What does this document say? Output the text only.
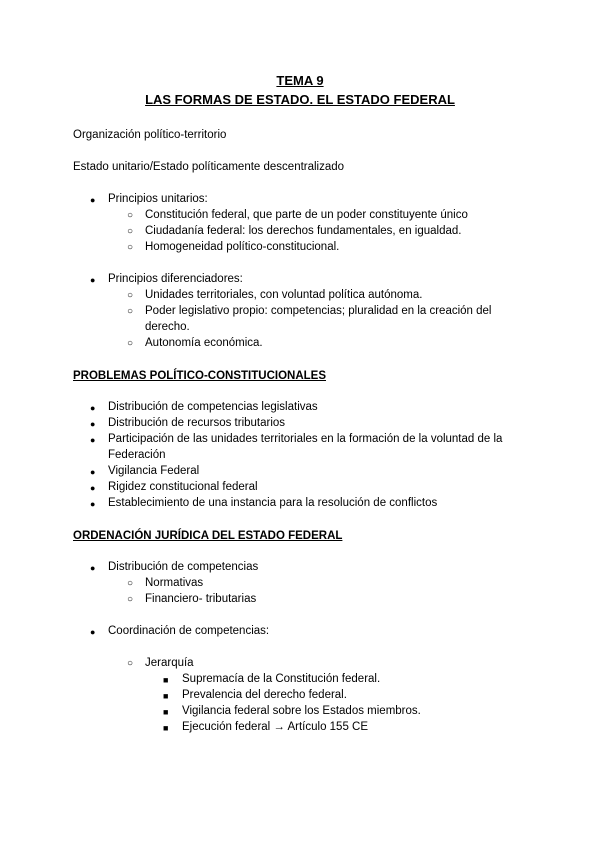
TEMA 9
LAS FORMAS DE ESTADO. EL ESTADO FEDERAL
Organización político-territorio
Estado unitario/Estado políticamente descentralizado
● Principios unitarios:
○ Constitución federal, que parte de un poder constituyente único
○ Ciudadanía federal: los derechos fundamentales, en igualdad.
○ Homogeneidad político-constitucional.
● Principios diferenciadores:
○ Unidades territoriales, con voluntad política autónoma.
○ Poder legislativo propio: competencias; pluralidad en la creación del
derecho.
○ Autonomía económica.
PROBLEMAS POLÍTICO-CONSTITUCIONALES
● Distribución de competencias legislativas
● Distribución de recursos tributarios
● Participación de las unidades territoriales en la formación de la voluntad de la
Federación
● Vigilancia Federal
● Rigidez constitucional federal
● Establecimiento de una instancia para la resolución de conflictos
ORDENACIÓN JURÍDICA DEL ESTADO FEDERAL
● Distribución de competencias
○ Normativas
○ Financiero- tributarias
● Coordinación de competencias:
○ Jerarquía
■ Supremacía de la Constitución federal.
■ Prevalencia del derecho federal.
■ Vigilancia federal sobre los Estados miembros.
■ Ejecución federal → Artículo 155 CE
